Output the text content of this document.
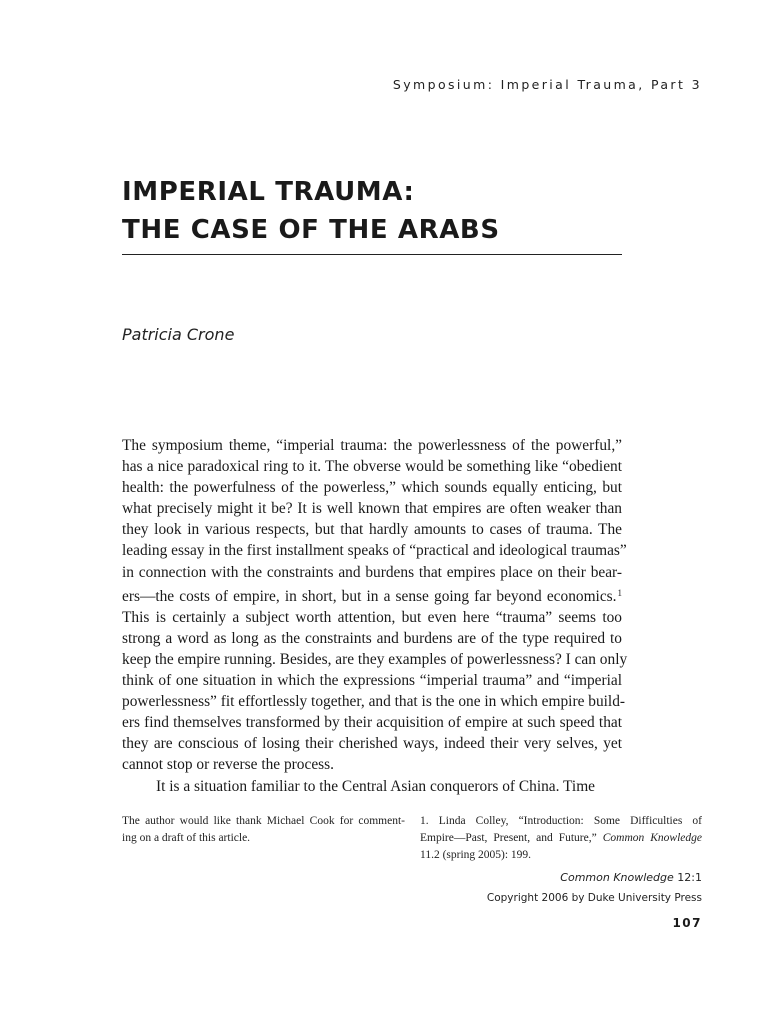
Symposium: Imperial Trauma, Part 3
IMPERIAL TRAUMA:
THE CASE OF THE ARABS
Patricia Crone
The symposium theme, “imperial trauma: the powerlessness of the powerful,”
has a nice paradoxical ring to it. The obverse would be something like “obedient
health: the powerfulness of the powerless,” which sounds equally enticing, but
what precisely might it be? It is well known that empires are often weaker than
they look in various respects, but that hardly amounts to cases of trauma. The
leading essay in the first installment speaks of “practical and ideological traumas”
in connection with the constraints and burdens that empires place on their bear-
ers—the costs of empire, in short, but in a sense going far beyond economics.$^1$
This is certainly a subject worth attention, but even here “trauma” seems too
strong a word as long as the constraints and burdens are of the type required to
keep the empire running. Besides, are they examples of powerlessness? I can only
think of one situation in which the expressions “imperial trauma” and “imperial
powerlessness” fit effortlessly together, and that is the one in which empire build-
ers find themselves transformed by their acquisition of empire at such speed that
they are conscious of losing their cherished ways, indeed their very selves, yet
cannot stop or reverse the process.
It is a situation familiar to the Central Asian conquerors of China. Time
The author would like thank Michael Cook for comment-
ing on a draft of this article.
1. Linda Colley, “Introduction: Some Difficulties of
Empire—Past, Present, and Future,” Common Knowledge
11.2 (spring 2005): 199.
Common Knowledge 12:1
Copyright 2006 by Duke University Press
107
